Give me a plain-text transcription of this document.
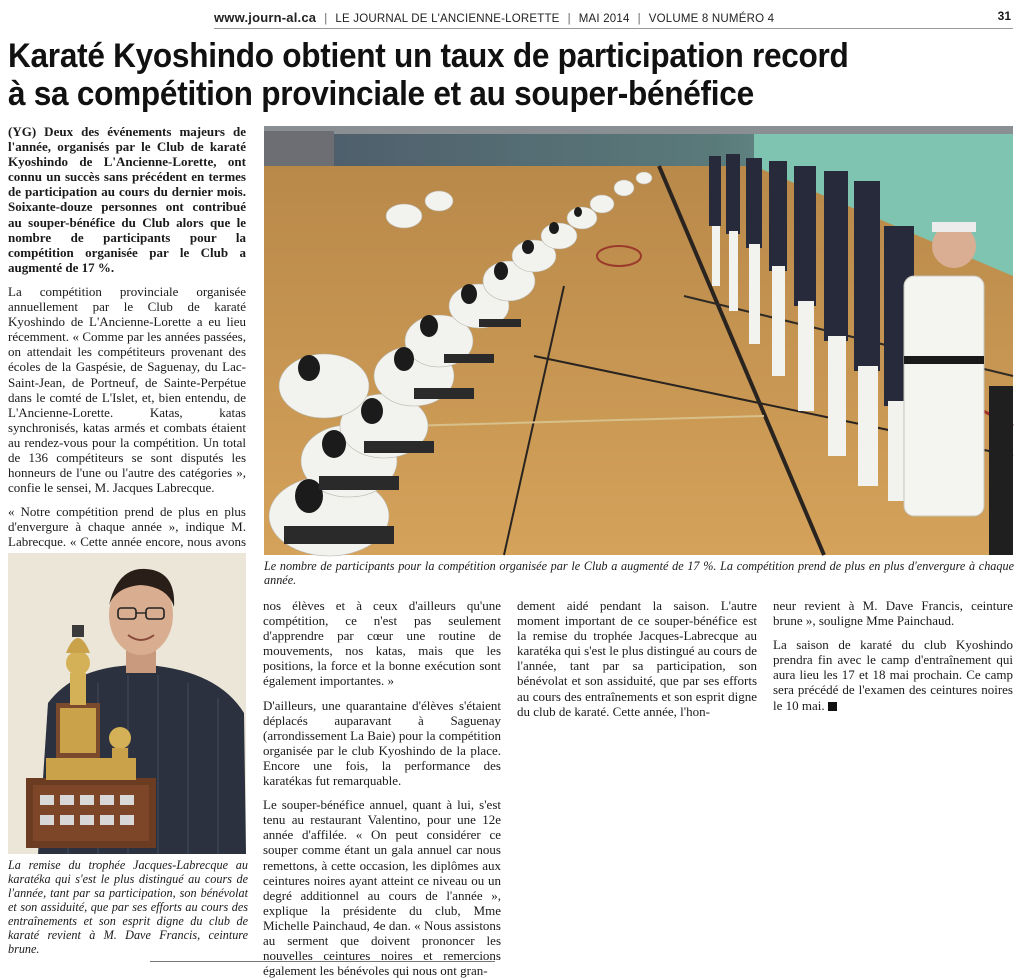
www.journ-al.ca | LE JOURNAL DE L'ANCIENNE-LORETTE | MAI 2014 | VOLUME 8 NUMÉRO 4	31
Karaté Kyoshindo obtient un taux de participation record
à sa compétition provinciale et au souper-bénéfice

(YG) Deux des événements majeurs de l'année, organisés par le Club de karaté Kyoshindo de L'Ancienne-Lorette, ont connu un succès sans précédent en termes de participation au cours du dernier mois. Soixante-douze personnes ont contribué au souper-bénéfice du Club alors que le nombre de participants pour la compétition organisée par le Club a augmenté de 17 %.

La compétition provinciale organisée annuellement par le Club de karaté Kyoshindo de L'Ancienne-Lorette a eu lieu récemment. « Comme par les années passées, on attendait les compétiteurs provenant des écoles de la Gaspésie, de Saguenay, du Lac-Saint-Jean, de Portneuf, de Sainte-Perpétue dans le comté de L'Islet, et, bien entendu, de L'Ancienne-Lorette. Katas, katas synchronisés, katas armés et combats étaient au rendez-vous pour la compétition. Un total de 136 compétiteurs se sont disputés les honneurs de l'une ou l'autre des catégories », confie le sensei, M. Jacques Labrecque.

« Notre compétition prend de plus en plus d'envergure à chaque année », indique M. Labrecque. « Cette année encore, nous avons

Le nombre de participants pour la compétition organisée par le Club a augmenté de 17 %. La compétition prend de plus en plus d'envergure à chaque année.
La remise du trophée Jacques-Labrecque au karatéka qui s'est le plus distingué au cours de l'année, tant par sa participation, son bénévolat et son assiduité, que par ses efforts au cours des entraînements et son esprit digne du club de karaté revient à M. Dave Francis, ceinture brune.

nos élèves et à ceux d'ailleurs qu'une compétition, ce n'est pas seulement d'apprendre par cœur une routine de mouvements, nos katas, mais que les positions, la force et la bonne exécution sont également importantes. »

D'ailleurs, une quarantaine d'élèves s'étaient déplacés auparavant à Saguenay (arrondissement La Baie) pour la compétition organisée par le club Kyoshindo de la place. Encore une fois, la performance des karatékas fut remarquable.

Le souper-bénéfice annuel, quant à lui, s'est tenu au restaurant Valentino, pour une 12e année d'affilée. « On peut considérer ce souper comme étant un gala annuel car nous remettons, à cette occasion, les diplômes aux ceintures noires ayant atteint ce niveau ou un degré additionnel au cours de l'année », explique la présidente du club, Mme Michelle Painchaud, 4e dan. « Nous assistons au serment que doivent prononcer les nouvelles ceintures noires et remercions également les bénévoles qui nous ont gran-

dement aidé pendant la saison. L'autre moment important de ce souper-bénéfice est la remise du trophée Jacques-Labrecque au karatéka qui s'est le plus distingué au cours de l'année, tant par sa participation, son bénévolat et son assiduité, que par ses efforts au cours des entraînements et son esprit digne du club de karaté. Cette année, l'hon-

neur revient à M. Dave Francis, ceinture brune », souligne Mme Painchaud.

La saison de karaté du club Kyoshindo prendra fin avec le camp d'entraînement qui aura lieu les 17 et 18 mai prochain. Ce camp sera précédé de l'examen des ceintures noires le 10 mai.
